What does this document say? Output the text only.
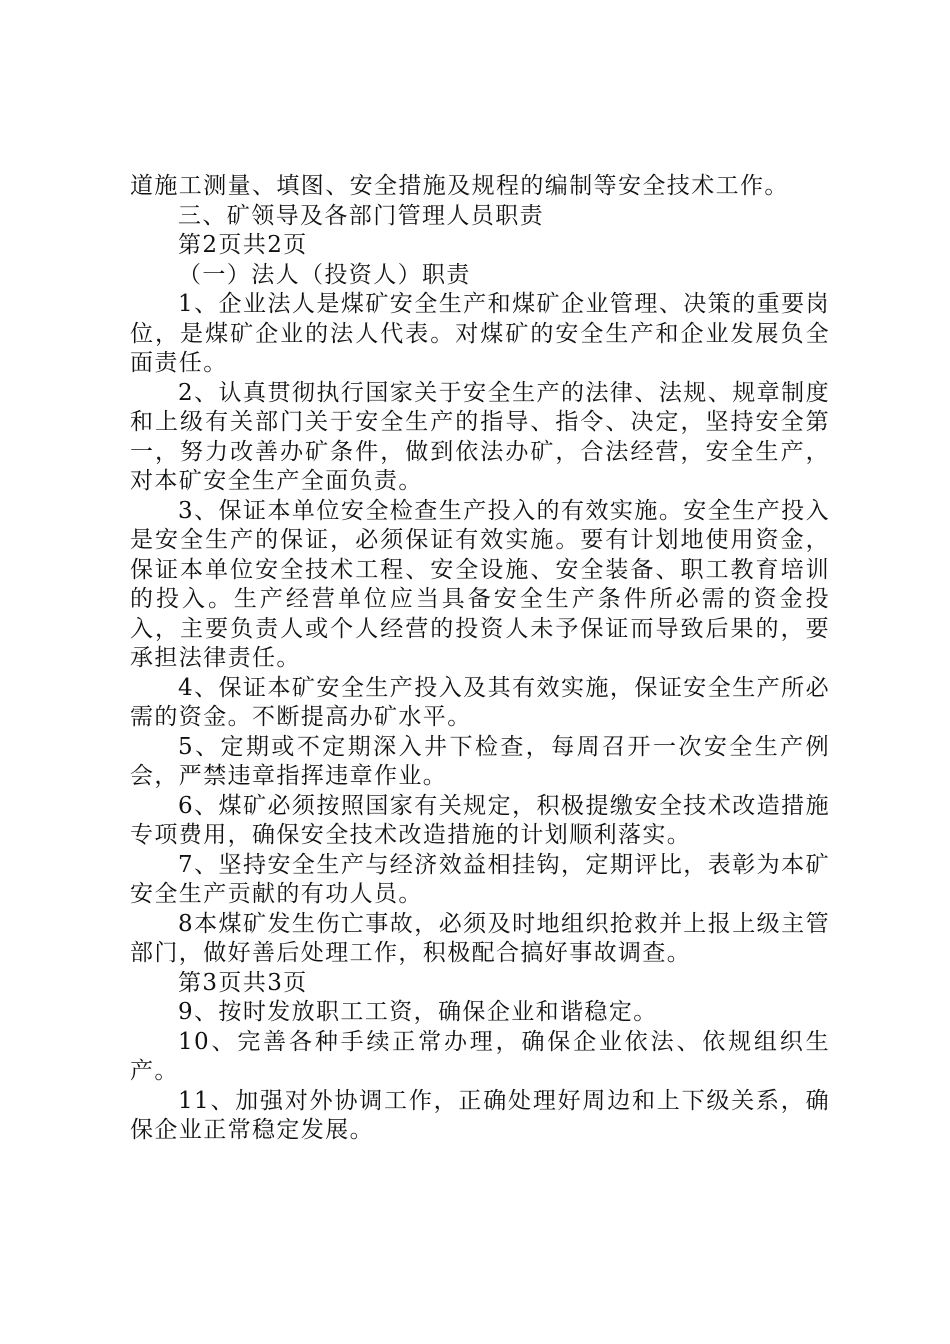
道施工测量、填图、安全措施及规程的编制等安全技术工作。

三、矿领导及各部门管理人员职责

第2页共2页

（一）法人（投资人）职责

1、企业法人是煤矿安全生产和煤矿企业管理、决策的重要岗位，是煤矿企业的法人代表。对煤矿的安全生产和企业发展负全面责任。

2、认真贯彻执行国家关于安全生产的法律、法规、规章制度和上级有关部门关于安全生产的指导、指令、决定，坚持安全第一，努力改善办矿条件，做到依法办矿，合法经营，安全生产，对本矿安全生产全面负责。

3、保证本单位安全检查生产投入的有效实施。安全生产投入是安全生产的保证，必须保证有效实施。要有计划地使用资金，保证本单位安全技术工程、安全设施、安全装备、职工教育培训的投入。生产经营单位应当具备安全生产条件所必需的资金投入，主要负责人或个人经营的投资人未予保证而导致后果的，要承担法律责任。

4、保证本矿安全生产投入及其有效实施，保证安全生产所必需的资金。不断提高办矿水平。

5、定期或不定期深入井下检查，每周召开一次安全生产例会，严禁违章指挥违章作业。

6、煤矿必须按照国家有关规定，积极提缴安全技术改造措施专项费用，确保安全技术改造措施的计划顺利落实。

7、坚持安全生产与经济效益相挂钩，定期评比，表彰为本矿安全生产贡献的有功人员。

8本煤矿发生伤亡事故，必须及时地组织抢救并上报上级主管部门，做好善后处理工作，积极配合搞好事故调查。

第3页共3页

9、按时发放职工工资，确保企业和谐稳定。

10、完善各种手续正常办理，确保企业依法、依规组织生产。

11、加强对外协调工作，正确处理好周边和上下级关系，确保企业正常稳定发展。
